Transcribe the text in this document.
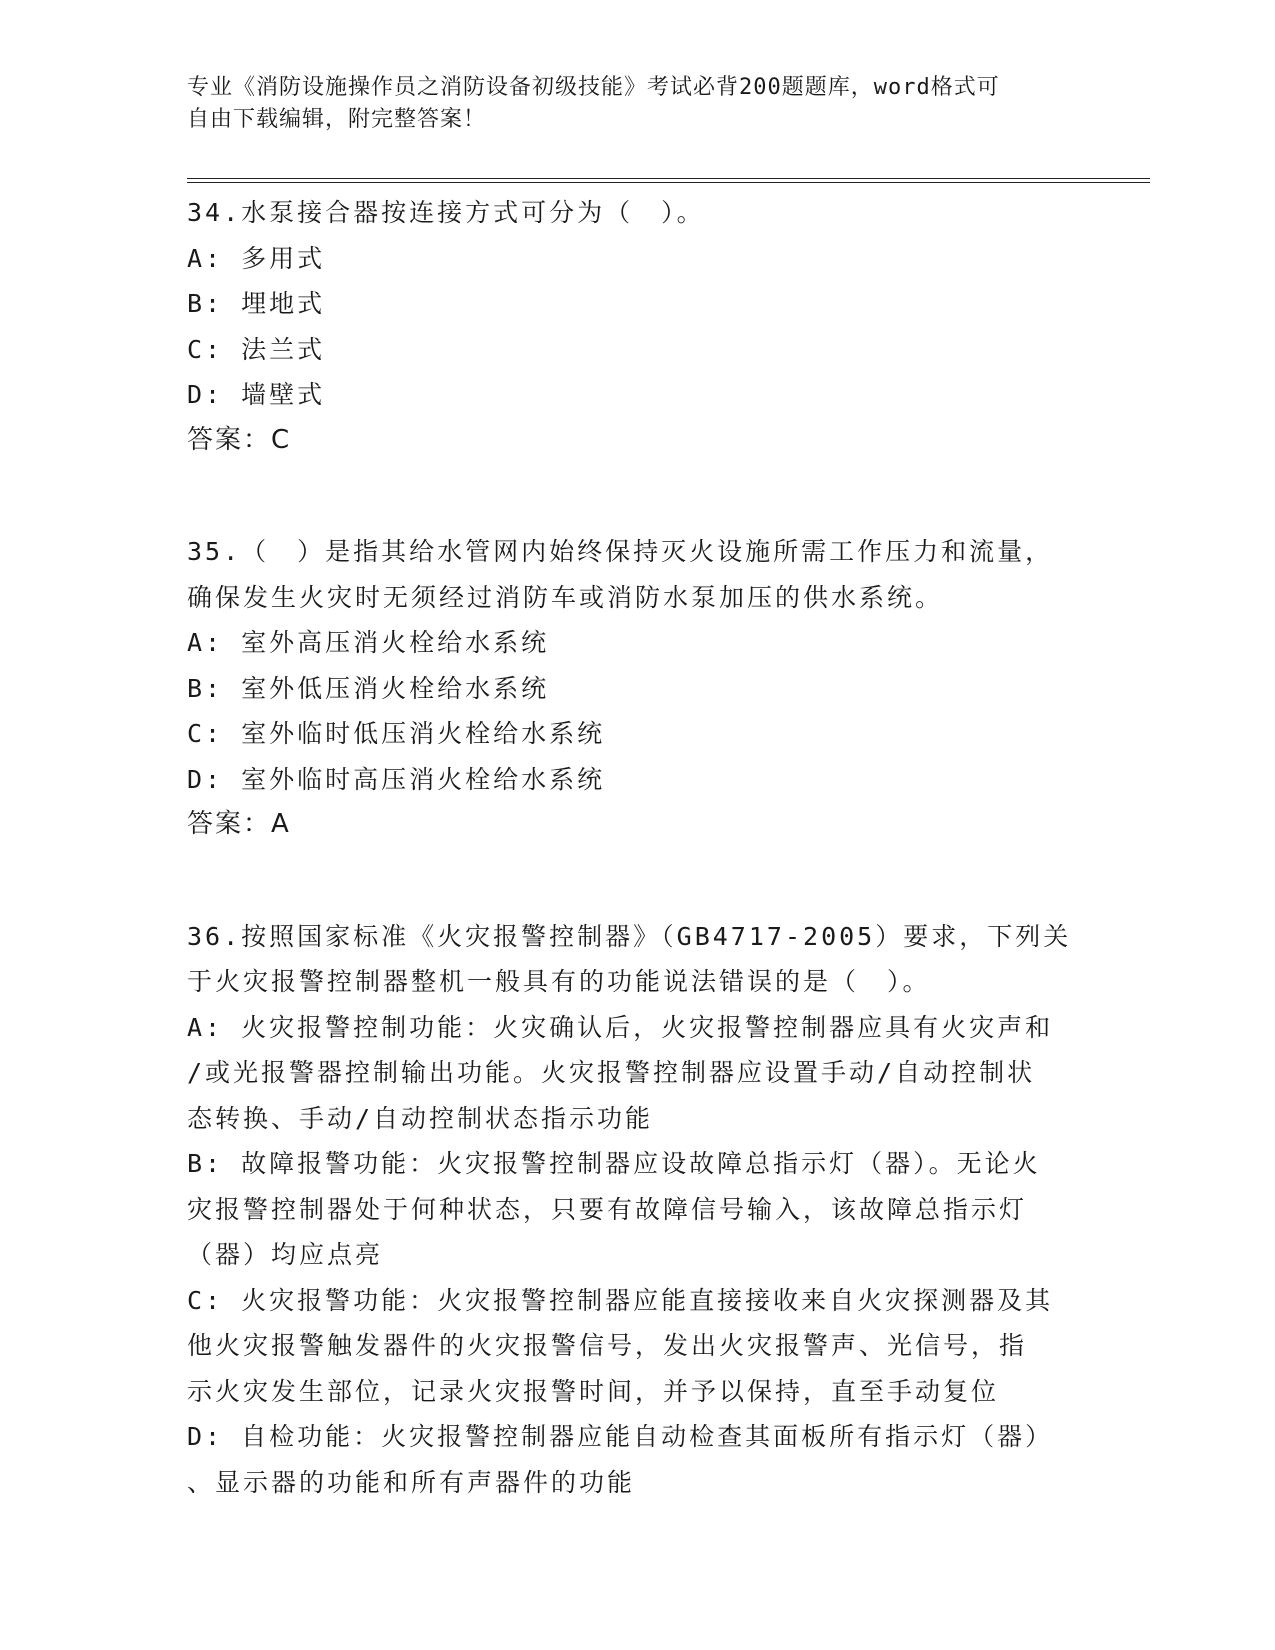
专业《消防设施操作员之消防设备初级技能》考试必背200题题库，word格式可
自由下载编辑，附完整答案！
34.水泵接合器按连接方式可分为（　）。
A: 多用式
B: 埋地式
C: 法兰式
D: 墙壁式
答案：C
35.（　）是指其给水管网内始终保持灭火设施所需工作压力和流量，
确保发生火灾时无须经过消防车或消防水泵加压的供水系统。
A: 室外高压消火栓给水系统
B: 室外低压消火栓给水系统
C: 室外临时低压消火栓给水系统
D: 室外临时高压消火栓给水系统
答案：A
36.按照国家标准《火灾报警控制器》（GB4717-2005）要求，下列关
于火灾报警控制器整机一般具有的功能说法错误的是（　）。
A: 火灾报警控制功能：火灾确认后，火灾报警控制器应具有火灾声和
/或光报警器控制输出功能。火灾报警控制器应设置手动/自动控制状
态转换、手动/自动控制状态指示功能
B: 故障报警功能：火灾报警控制器应设故障总指示灯（器）。无论火
灾报警控制器处于何种状态，只要有故障信号输入，该故障总指示灯
（器）均应点亮
C: 火灾报警功能：火灾报警控制器应能直接接收来自火灾探测器及其
他火灾报警触发器件的火灾报警信号，发出火灾报警声、光信号，指
示火灾发生部位，记录火灾报警时间，并予以保持，直至手动复位
D: 自检功能：火灾报警控制器应能自动检查其面板所有指示灯（器）
、显示器的功能和所有声器件的功能
